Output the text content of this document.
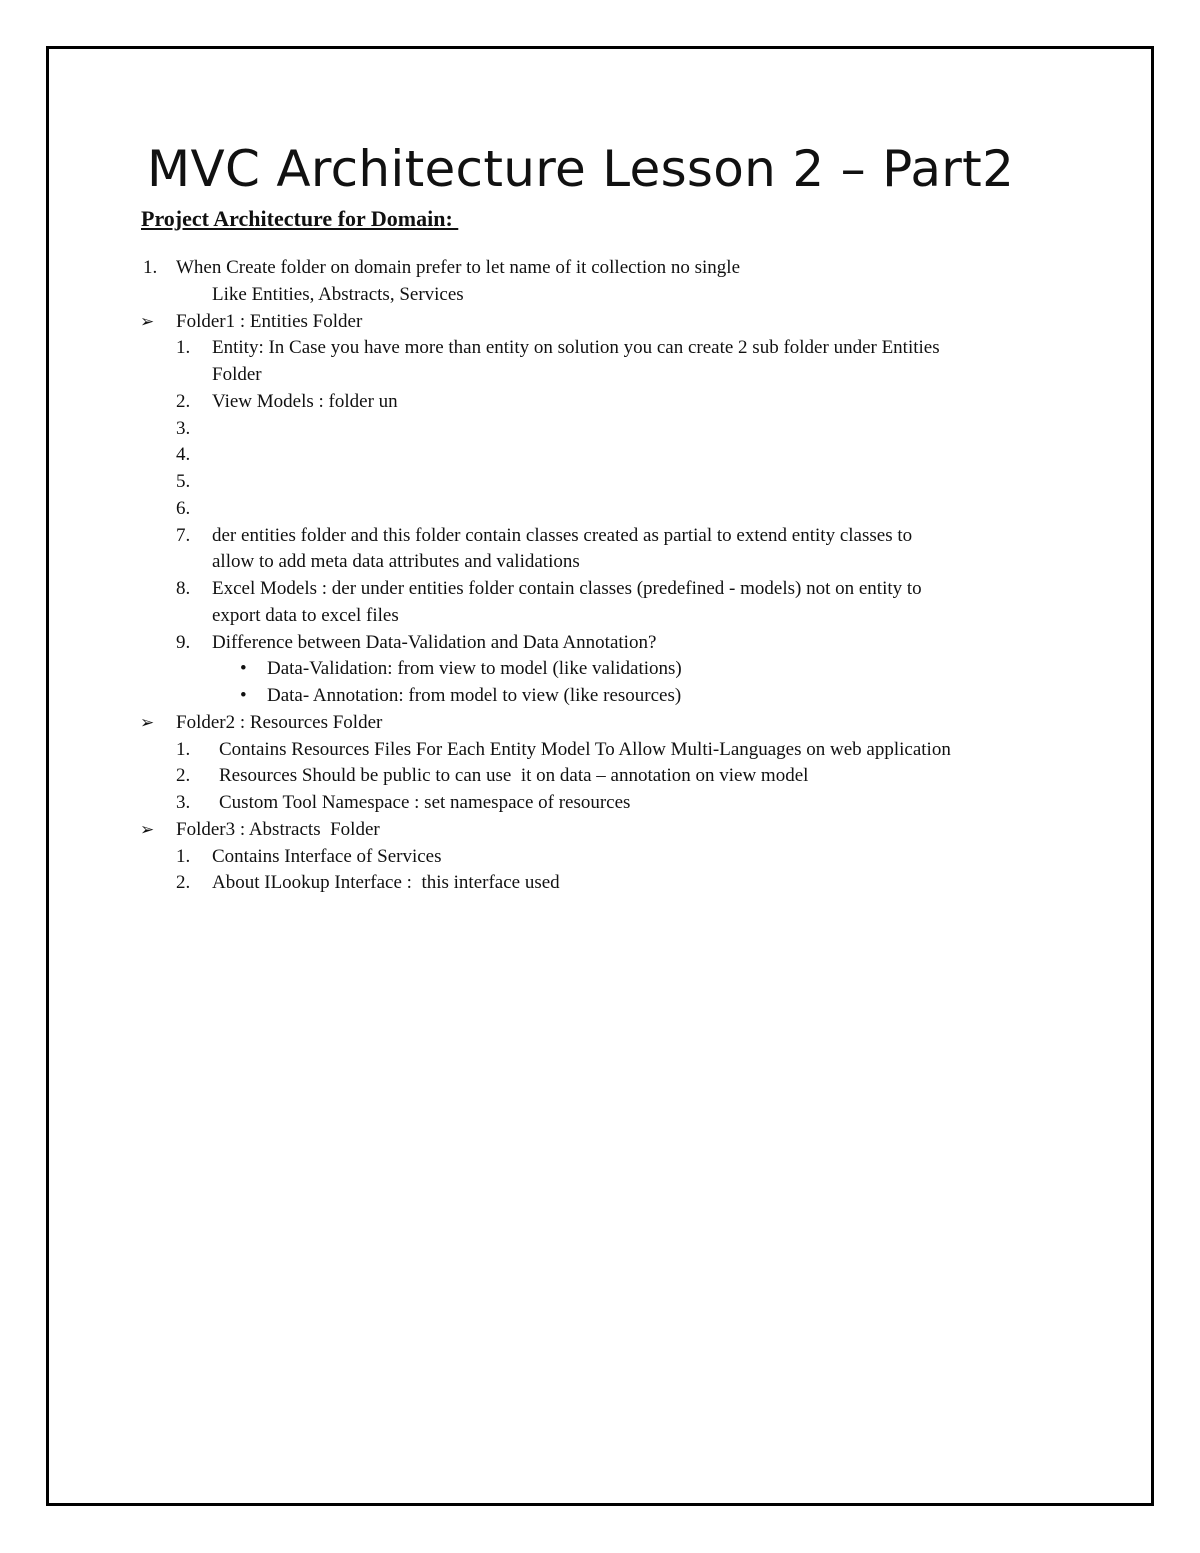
MVC Architecture Lesson 2 – Part2
Project Architecture for Domain:
1. When Create folder on domain prefer to let name of it collection no single
Like Entities, Abstracts, Services
➢ Folder1 : Entities Folder
1. Entity: In Case you have more than entity on solution you can create 2 sub folder under Entities
Folder
2. View Models : folder un
3.
4.
5.
6.
7. der entities folder and this folder contain classes created as partial to extend entity classes to
allow to add meta data attributes and validations
8. Excel Models : der under entities folder contain classes (predefined - models) not on entity to
export data to excel files
9. Difference between Data-Validation and Data Annotation?
• Data-Validation: from view to model (like validations)
• Data- Annotation: from model to view (like resources)
➢ Folder2 : Resources Folder
1. Contains Resources Files For Each Entity Model To Allow Multi-Languages on web application
2. Resources Should be public to can use  it on data – annotation on view model
3. Custom Tool Namespace : set namespace of resources
➢ Folder3 : Abstracts  Folder
1. Contains Interface of Services
2. About ILookup Interface :  this interface used
